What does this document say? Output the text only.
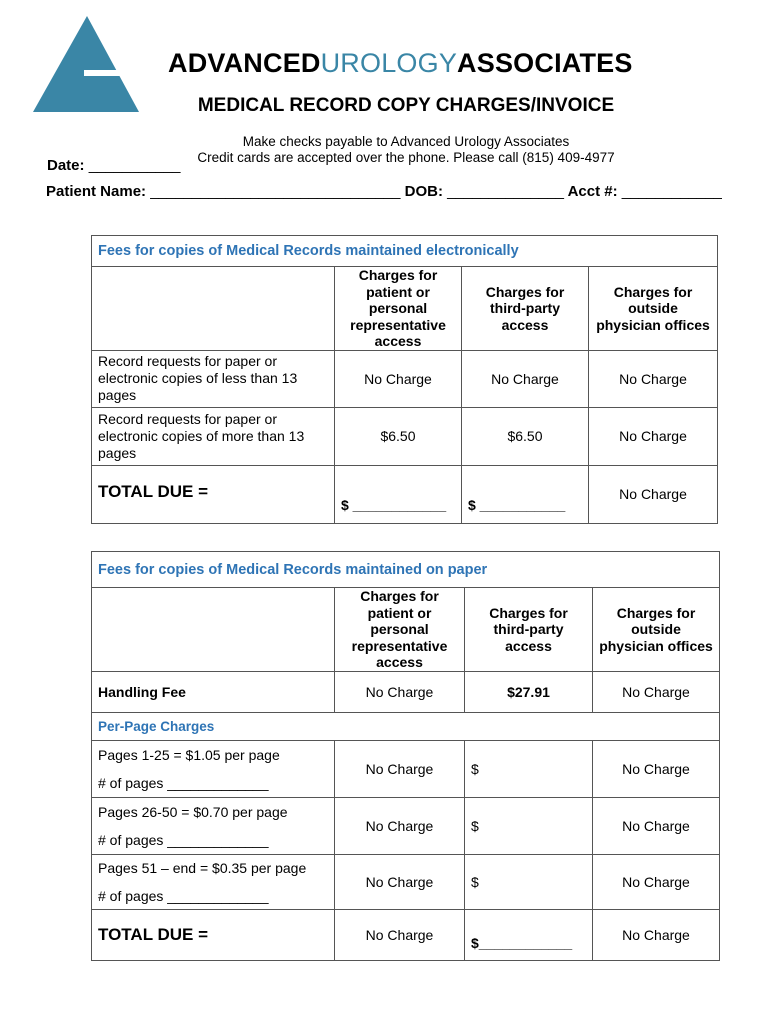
ADVANCEDUROLOGYASSOCIATES
MEDICAL RECORD COPY CHARGES/INVOICE
Make checks payable to Advanced Urology Associates
Credit cards are accepted over the phone. Please call (815) 409-4977
Date: ___________
Patient Name: ______________________________ DOB: ______________ Acct #: ____________
Fees for copies of Medical Records maintained electronically			
	Charges for patient or personal representative access	Charges for third-party access	Charges for outside physician offices
Record requests for paper or electronic copies of less than 13 pages	No Charge	No Charge	No Charge
Record requests for paper or electronic copies of more than 13 pages	$6.50	$6.50	No Charge
TOTAL DUE =	$ ____________	$ ___________	No Charge
Fees for copies of Medical Records maintained on paper			
	Charges for patient or personal representative access	Charges for third-party access	Charges for outside physician offices
Handling Fee	No Charge	$27.91	No Charge
Per-Page Charges			

Pages 1-25 = $1.05 per page
# of pages _____________	No Charge	$	No Charge

Pages 26-50 = $0.70 per page
# of pages _____________	No Charge	$	No Charge

Pages 51 – end = $0.35 per page
# of pages _____________	No Charge	$	No Charge
TOTAL DUE =	No Charge	$____________	No Charge
